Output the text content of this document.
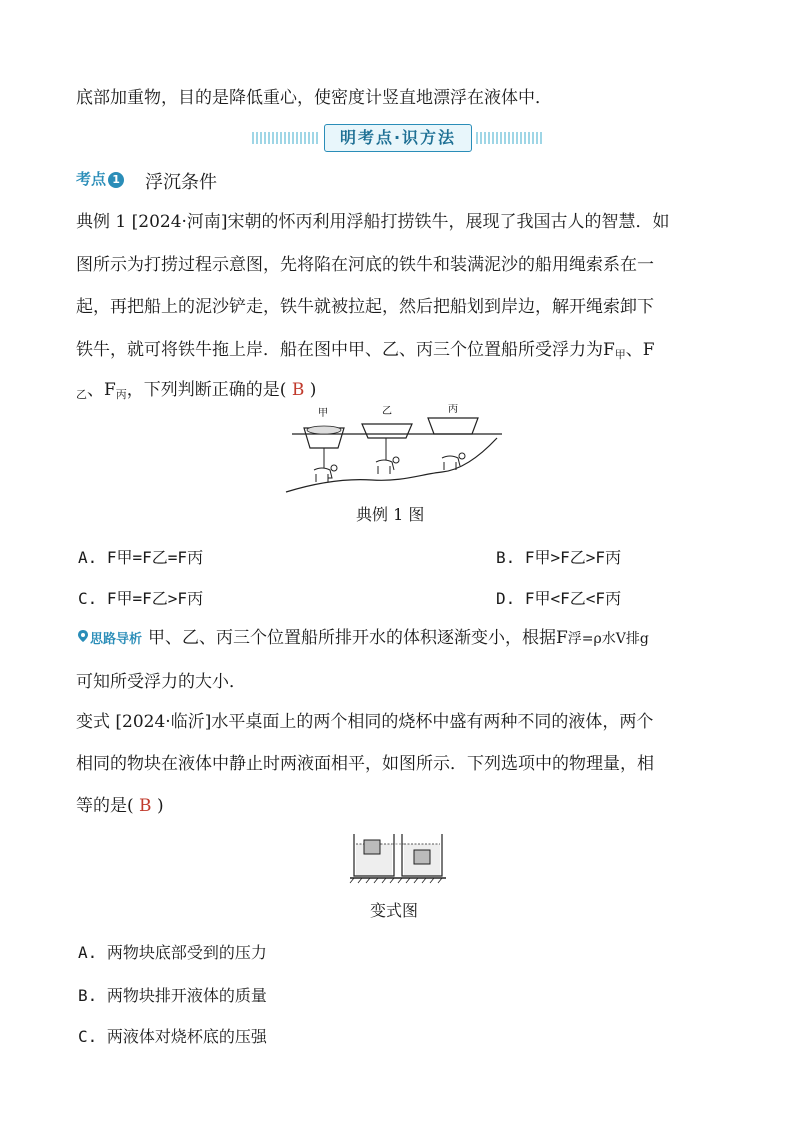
底部加重物，目的是降低重心，使密度计竖直地漂浮在液体中．
明考点·识方法
考点 1 浮沉条件
典例 1 [2024·河南]宋朝的怀丙利用浮船打捞铁牛，展现了我国古人的智慧．如
图所示为打捞过程示意图，先将陷在河底的铁牛和装满泥沙的船用绳索系在一
起，再把船上的泥沙铲走，铁牛就被拉起，然后把船划到岸边，解开绳索卸下
铁牛，就可将铁牛拖上岸．船在图中甲、乙、丙三个位置船所受浮力为$F_甲$、F
$_乙$、$F_丙$，下列判断正确的是( B )
甲	乙	丙
典例 1 图
A. F甲=F乙=F丙	B. F甲>F乙>F丙
C. F甲=F乙>F丙	D. F甲<F乙<F丙
思路导析 甲、乙、丙三个位置船所排开水的体积逐渐变小，根据F浮=ρ水V排g
可知所受浮力的大小．
变式 [2024·临沂]水平桌面上的两个相同的烧杯中盛有两种不同的液体，两个
相同的物块在液体中静止时两液面相平，如图所示．下列选项中的物理量，相
等的是( B )
变式图
A. 两物块底部受到的压力
B. 两物块排开液体的质量
C. 两液体对烧杯底的压强
